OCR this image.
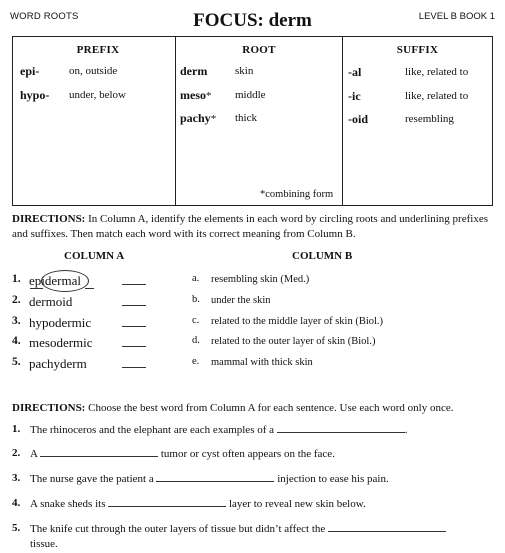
WORD ROOTS	FOCUS: derm	LEVEL B BOOK 1
PREFIX
epi-	on, outside
hypo- under, below
ROOT
derm	skin
meso* middle
pachy* thick
*combining form
SUFFIX
-al	like, related to
-ic	like, related to
-oid	resembling
DIRECTIONS: In Column A, identify the elements in each word by circling roots and underlining prefixes and suffixes. Then match each word with its correct meaning from Column B.
COLUMN A	COLUMN B
1. epidermal	a. resembling skin (Med.)
2. dermoid	b. under the skin
3. hypodermic	c. related to the middle layer of skin (Biol.)
4. mesodermic	d. related to the outer layer of skin (Biol.)
5. pachyderm	e. mammal with thick skin
DIRECTIONS: Choose the best word from Column A for each sentence. Use each word only once.
1. The rhinoceros and the elephant are each examples of a	.
2. A	tumor or cyst often appears on the face.
3. The nurse gave the patient a	injection to ease his pain.
4. A snake sheds its	layer to reveal new skin below.
5. The knife cut through the outer layers of tissue but didn’t affect the
tissue.
